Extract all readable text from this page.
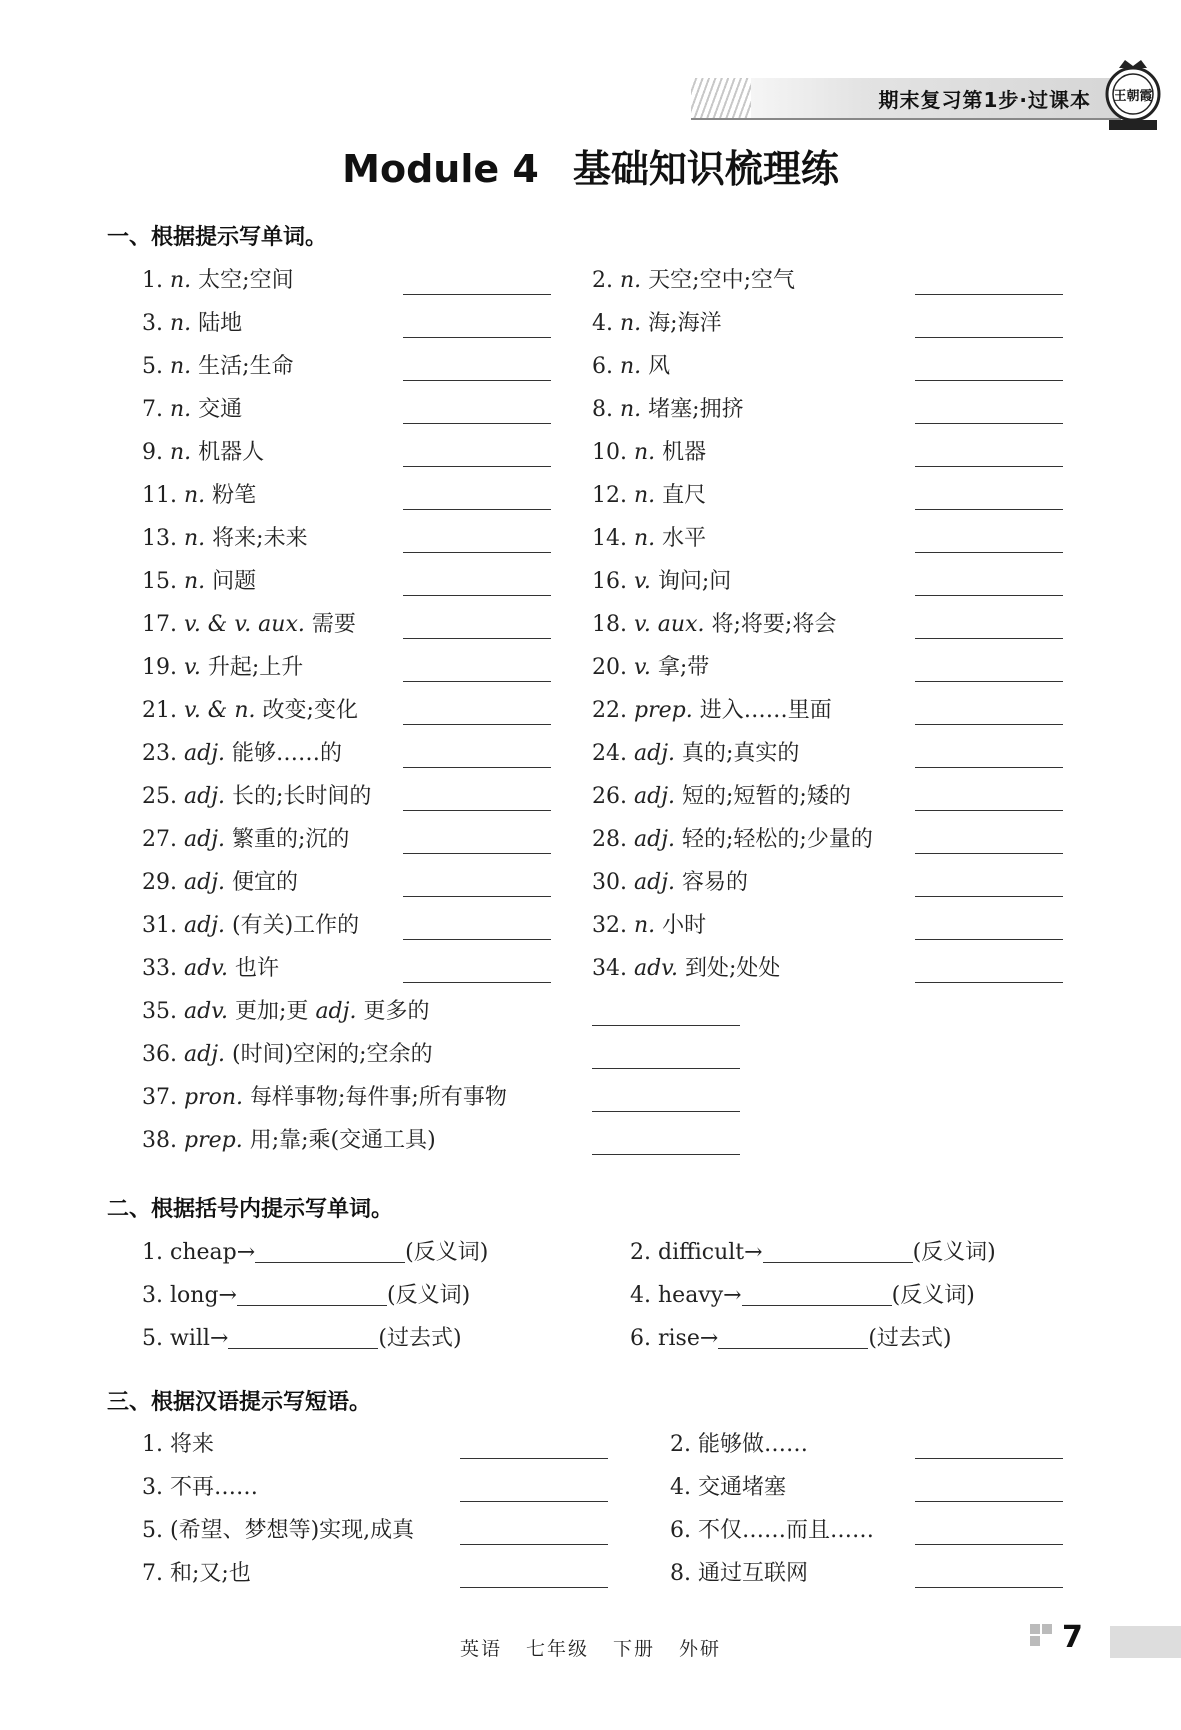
期末复习第1步·过课本 王朝霞
Module 4 基础知识梳理练
一、根据提示写单词。
1. n. 太空;空间	2. n. 天空;空中;空气
3. n. 陆地	4. n. 海;海洋
5. n. 生活;生命	6. n. 风
7. n. 交通	8. n. 堵塞;拥挤
9. n. 机器人	10. n. 机器
11. n. 粉笔	12. n. 直尺
13. n. 将来;未来	14. n. 水平
15. n. 问题	16. v. 询问;问
17. v. & v. aux. 需要	18. v. aux. 将;将要;将会
19. v. 升起;上升	20. v. 拿;带
21. v. & n. 改变;变化	22. prep. 进入……里面
23. adj. 能够……的	24. adj. 真的;真实的
25. adj. 长的;长时间的	26. adj. 短的;短暂的;矮的
27. adj. 繁重的;沉的	28. adj. 轻的;轻松的;少量的
29. adj. 便宜的	30. adj. 容易的
31. adj. (有关)工作的	32. n. 小时
33. adv. 也许	34. adv. 到处;处处
35. adv. 更加;更 adj. 更多的
36. adj. (时间)空闲的;空余的
37. pron. 每样事物;每件事;所有事物
38. prep. 用;靠;乘(交通工具)
二、根据括号内提示写单词。
1. cheap→	(反义词)	2. difficult→	(反义词)
3. long→	(反义词)	4. heavy→	(反义词)
5. will→	(过去式)	6. rise→	(过去式)
三、根据汉语提示写短语。
1. 将来	2. 能够做……
3. 不再……	4. 交通堵塞
5. (希望、梦想等)实现,成真	6. 不仅……而且……
7. 和;又;也	8. 通过互联网
英语 七年级 下册 外研	7
